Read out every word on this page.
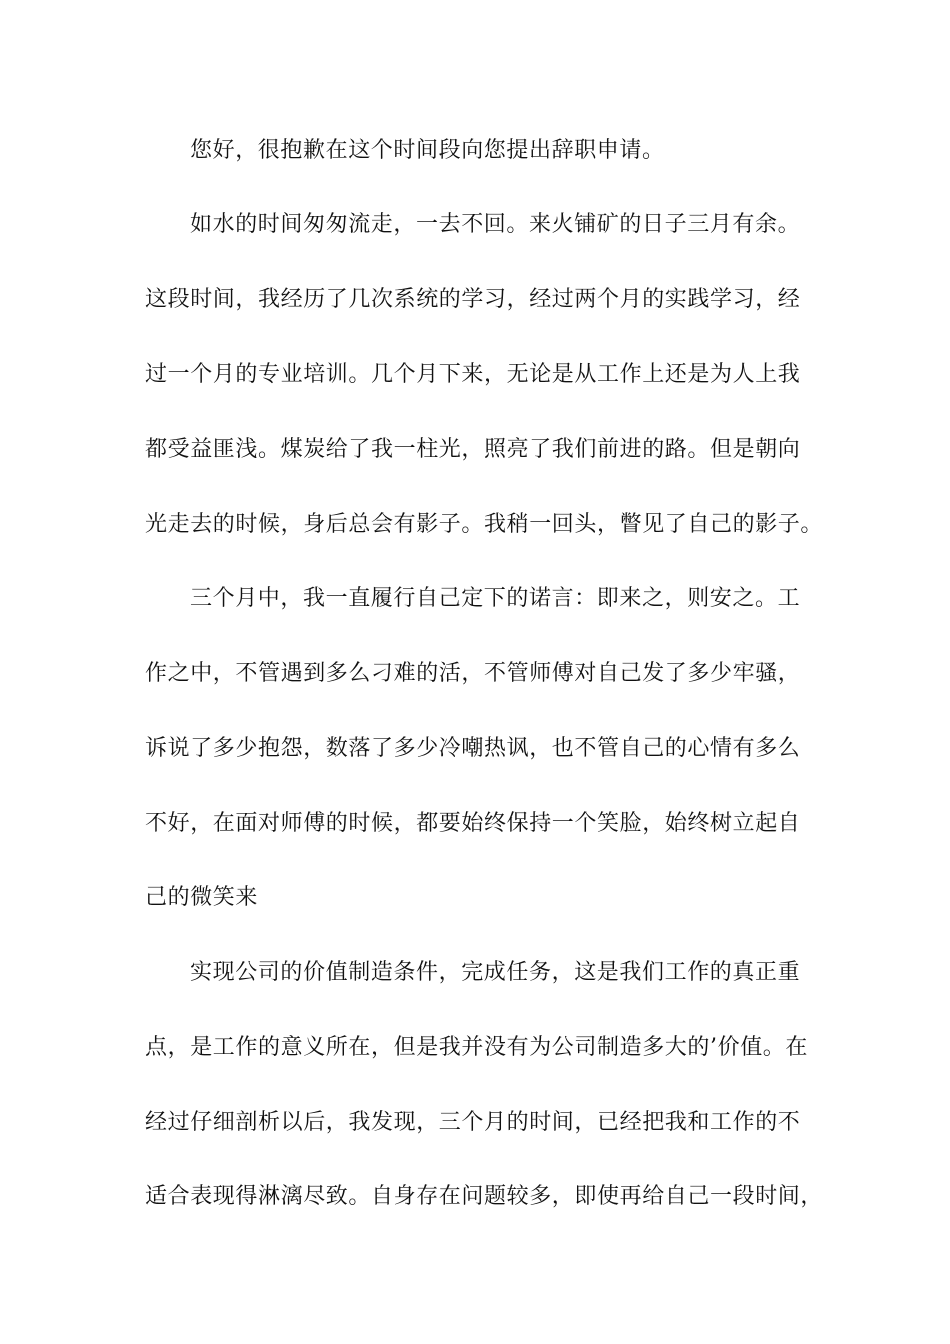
您好，很抱歉在这个时间段向您提出辞职申请。
如水的时间匆匆流走，一去不回。来火铺矿的日子三月有余。
这段时间，我经历了几次系统的学习，经过两个月的实践学习，经
过一个月的专业培训。几个月下来，无论是从工作上还是为人上我
都受益匪浅。煤炭给了我一柱光，照亮了我们前进的路。但是朝向
光走去的时候，身后总会有影子。我稍一回头，瞥见了自己的影子。
三个月中，我一直履行自己定下的诺言：即来之，则安之。工
作之中，不管遇到多么刁难的活，不管师傅对自己发了多少牢骚，
诉说了多少抱怨，数落了多少冷嘲热讽，也不管自己的心情有多么
不好，在面对师傅的时候，都要始终保持一个笑脸，始终树立起自
己的微笑来
实现公司的价值制造条件，完成任务，这是我们工作的真正重
点，是工作的意义所在，但是我并没有为公司制造多大的’价值。在
经过仔细剖析以后，我发现，三个月的时间，已经把我和工作的不
适合表现得淋漓尽致。自身存在问题较多，即使再给自己一段时间，
